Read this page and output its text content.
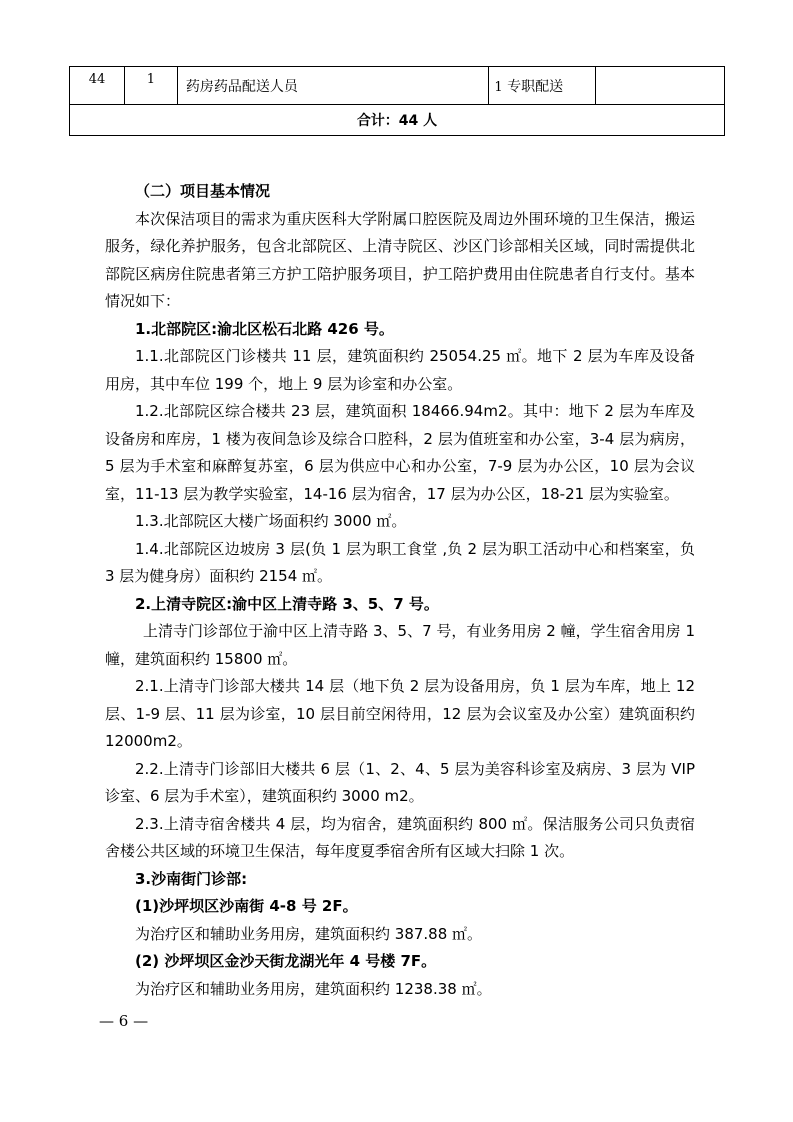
44	1	药房药品配送人员	1 专职配送	
合计：44 人

（二）项目基本情况

本次保洁项目的需求为重庆医科大学附属口腔医院及周边外围环境的卫生保洁，搬运服务，绿化养护服务，包含北部院区、上清寺院区、沙区门诊部相关区域，同时需提供北部院区病房住院患者第三方护工陪护服务项目，护工陪护费用由住院患者自行支付。基本情况如下：

1.北部院区:渝北区松石北路 426 号。

1.1.北部院区门诊楼共 11 层，建筑面积约 25054.25 ㎡。地下 2 层为车库及设备用房，其中车位 199 个，地上 9 层为诊室和办公室。

1.2.北部院区综合楼共 23 层，建筑面积 18466.94m2。其中：地下 2 层为车库及设备房和库房，1 楼为夜间急诊及综合口腔科，2 层为值班室和办公室，3-4 层为病房，5 层为手术室和麻醉复苏室，6 层为供应中心和办公室，7-9 层为办公区，10 层为会议室，11-13 层为教学实验室，14-16 层为宿舍，17 层为办公区，18-21 层为实验室。

1.3.北部院区大楼广场面积约 3000 ㎡。

1.4.北部院区边坡房 3 层(负 1 层为职工食堂 ,负 2 层为职工活动中心和档案室，负 3 层为健身房）面积约 2154 ㎡。

2.上清寺院区:渝中区上清寺路 3、5、7 号。

上清寺门诊部位于渝中区上清寺路 3、5、7 号，有业务用房 2 幢，学生宿舍用房 1 幢，建筑面积约 15800 ㎡。

2.1.上清寺门诊部大楼共 14 层（地下负 2 层为设备用房，负 1 层为车库，地上 12 层、1-9 层、11 层为诊室，10 层目前空闲待用，12 层为会议室及办公室）建筑面积约 12000m2。

2.2.上清寺门诊部旧大楼共 6 层（1、2、4、5 层为美容科诊室及病房、3 层为 VIP 诊室、6 层为手术室），建筑面积约 3000 m2。

2.3.上清寺宿舍楼共 4 层，均为宿舍，建筑面积约 800 ㎡。保洁服务公司只负责宿舍楼公共区域的环境卫生保洁，每年度夏季宿舍所有区域大扫除 1 次。

3.沙南街门诊部:

(1)沙坪坝区沙南街 4-8 号 2F。

为治疗区和辅助业务用房，建筑面积约 387.88 ㎡。

(2) 沙坪坝区金沙天街龙湖光年 4 号楼 7F。

为治疗区和辅助业务用房，建筑面积约 1238.38 ㎡。

— 6 —
